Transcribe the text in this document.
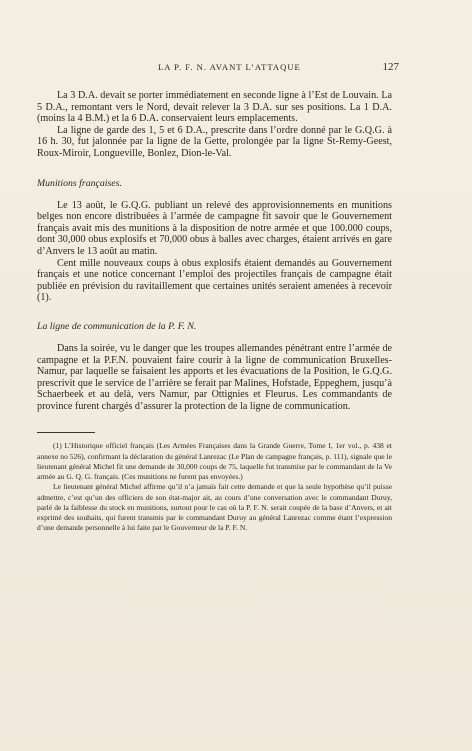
LA P. F. N. AVANT L’ATTAQUE	127

La 3 D.A. devait se porter immédiatement en seconde ligne à l’Est de Louvain. La 5 D.A., remontant vers le Nord, devait relever la 3 D.A. sur ses positions. La 1 D.A. (moins la 4 B.M.) et la 6 D.A. conservaient leurs emplacements.

La ligne de garde des 1, 5 et 6 D.A., prescrite dans l’ordre donné par le G.Q.G. à 16 h. 30, fut jalonnée par la ligne de la Gette, prolongée par la ligne St-Remy-Geest, Roux-Miroir, Longueville, Bonlez, Dion-le-Val.

Munitions françaises.

Le 13 août, le G.Q.G. publiant un relevé des approvisionnements en munitions belges non encore distribuées à l’armée de campagne fit savoir que le Gouvernement français avait mis des munitions à la disposition de notre armée et que 100.000 coups, dont 30,000 obus explosifs et 70,000 obus à balles avec charges, étaient arrivés en gare d’Anvers le 13 août au matin.

Cent mille nouveaux coups à obus explosifs étaient demandés au Gouvernement français et une notice concernant l’emploi des projectiles français de campagne était publiée en prévision du ravitaillement que certaines unités seraient amenées à recevoir (1).

La ligne de communication de la P. F. N.

Dans la soirée, vu le danger que les troupes allemandes pénétrant entre l’armée de campagne et la P.F.N. pouvaient faire courir à la ligne de communication Bruxelles-Namur, par laquelle se faisaient les apports et les évacuations de la Position, le G.Q.G. prescrivit que le service de l’arrière se ferait par Malines, Hofstade, Eppeghem, jusqu’à Schaerbeek et au delà, vers Namur, par Ottignies et Fleurus. Les commandants de province furent chargés d’assurer la protection de la ligne de communication.

(1) L’Historique officiel français (Les Armées Françaises dans la Grande Guerre, Tome I, 1er vol., p. 438 et annexe no 526), confirmant la déclaration du général Lanrezac (Le Plan de campagne français, p. 111), signale que le lieutenant général Michel fit une demande de 30,000 coups de 75, laquelle fut transmise par le commandant de la Ve armée au G. Q. G. français. (Ces munitions ne furent pas envoyées.)

Le lieutenant général Michel affirme qu’il n’a jamais fait cette demande et que la seule hypothèse qu’il puisse admettre, c’est qu’un des officiers de son état-major ait, au cours d’une conversation avec le commandant Duruy, parlé de la faiblesse du stock en munitions, surtout pour le cas où la P. F. N. serait coupée de la base d’Anvers, et ait exprimé des souhaits, qui furent transmis par le commandant Duruy au général Lanrezac comme étant l’expression d’une demande personnelle à lui faite par le Gouverneur de la P. F. N.
